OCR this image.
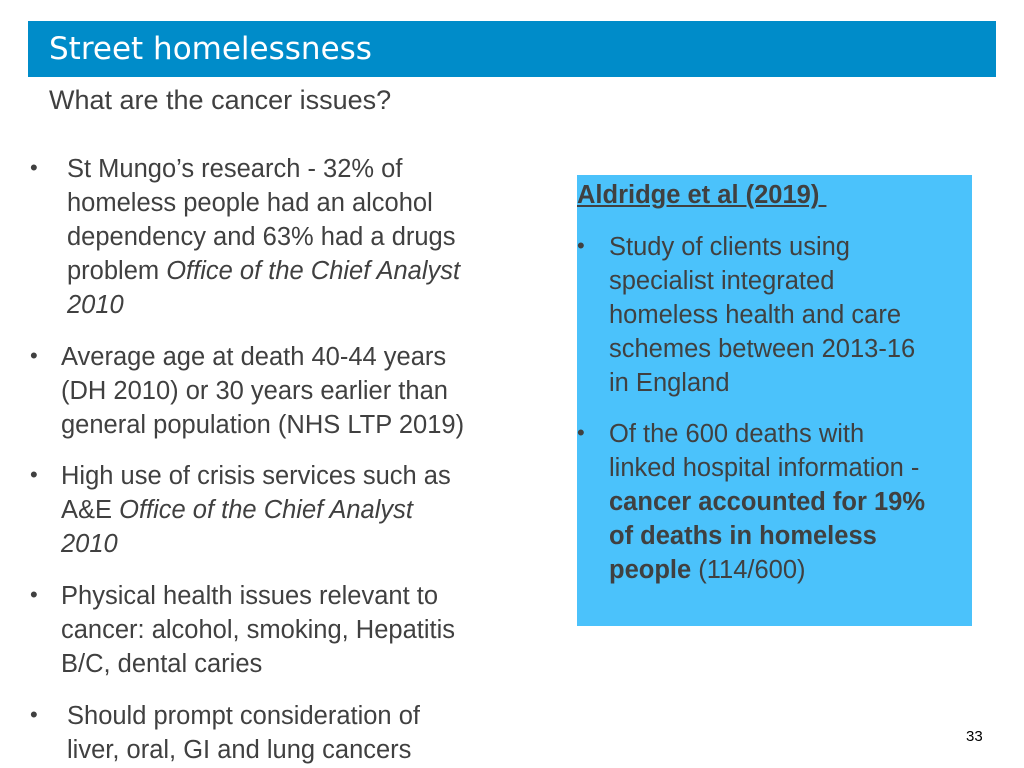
Street homelessness
What are the cancer issues?
• St Mungo’s research - 32% of
homeless people had an alcohol
dependency and 63% had a drugs
problem Office of the Chief Analyst
2010
• Average age at death 40-44 years
(DH 2010) or 30 years earlier than
general population (NHS LTP 2019)
• High use of crisis services such as
A&E Office of the Chief Analyst
2010
• Physical health issues relevant to
cancer: alcohol, smoking, Hepatitis
B/C, dental caries
• Should prompt consideration of
liver, oral, GI and lung cancers
Aldridge et al (2019)
• Study of clients using
specialist integrated
homeless health and care
schemes between 2013-16
in England
• Of the 600 deaths with
linked hospital information -
cancer accounted for 19%
of deaths in homeless
people (114/600)
33
